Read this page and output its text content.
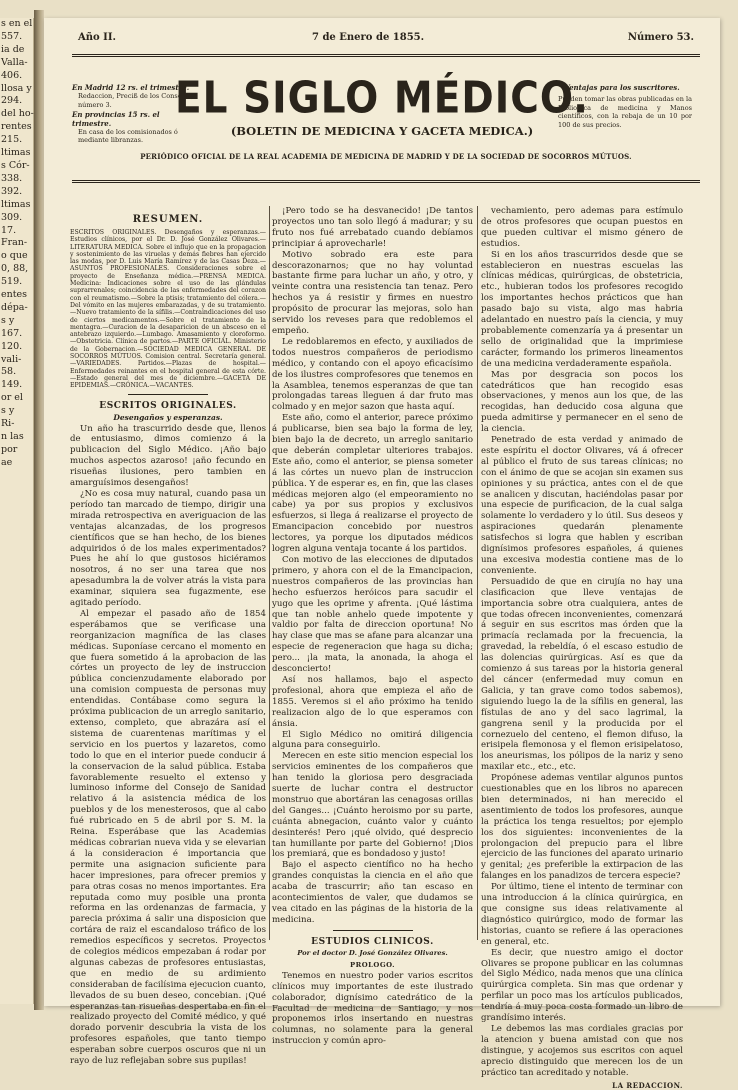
s en el
557.
ia de
Valla-
406.
llosa y
294.
del ho-
rentes
215.
ltimas
s Cór-
338.
392.
ltimas
309.
17.
Fran-
o que
0, 88,
519.
entes
dépa-
s y
167.
120.
vali-
58.
149.
or el
s y
Ri-
n las
por
ae
Año II.	7 de Enero de 1855.	Número 53.
En Madrid 12 rs. el trimestre.
Redaccion, Preciß de los Consejos, número 3.
En provincias 15 rs. el trimestre.
En casa de los comisionados ó mediante libranzas.
Ventajas para los suscritores.
Pueden tomar las obras publicadas en la Biblioteca de medicina y Manos científicos, con la rebaja de un 10 por 100 de sus precios.
EL SIGLO MÉDICO.
(BOLETIN DE MEDICINA Y GACETA MEDICA.)
PERIÓDICO OFICIAL DE LA REAL ACADEMIA DE MEDICINA DE MADRID Y DE LA SOCIEDAD DE SOCORROS MÚTUOS.
RESUMEN.
ESCRITOS ORIGINALES. Desengaños y esperanzas.—Estudios clínicos, por el Dr. D. José González Olivares.—LITERATURA MEDICA. Sobre el influjo que en la propagacion y sostenimiento de las viruelas y demás fiebres han ejercido las modas, por D. Luis María Ramírez y de las Casas Deza.—ASUNTOS PROFESIONALES. Consideraciones sobre el proyecto de Enseñanza médica.—PRENSA MEDICA. Medicina: Indicaciones sobre el uso de las glándulas suprarrenales; coincidencia de las enfermedades del corazon con el reumatismo.—Sobre la ptisis; tratamiento del cólera.—Del vómito en las mujeres embarazadas, y de su tratamiento.—Nuevo tratamiento de la sífilis.—Contraindicaciones del uso de ciertos medicamentos.—Sobre el tratamiento de la mentagra.—Curacion de la desaparicion de un absceso en el antebrazo izquierdo.—Lumbago. Amasamiento y cloroformo.—Obstetricia. Clínica de partos.—PARTE OFICIAL. Ministerio de la Gobernacion.—SOCIEDAD MEDICA GENERAL DE SOCORROS MÚTUOS. Comision central. Secretaría general.—VARIEDADES. Partidos.—Plazas de hospital.—Enfermedades reinantes en el hospital general de esta córte.—Estado general del mes de diciembre.—GACETA DE EPIDEMIAS.—CRÓNICA.—VACANTES.
ESCRITOS ORIGINALES.
Desengaños y esperanzas.

Un año ha trascurrido desde que, llenos de entusiasmo, dimos comienzo á la publicacion del Siglo Médico. ¡Año bajo muchos aspectos azaroso! ¡año fecundo en risueñas ilusiones, pero tambien en amarguísimos desengaños!

¿No es cosa muy natural, cuando pasa un período tan marcado de tiempo, dirigir una mirada retrospectiva en averiguacion de las ventajas alcanzadas, de los progresos científicos que se han hecho, de los bienes adquiridos ó de los males experimentados? Pues he ahí lo que gustosos hiciéramos nosotros, á no ser una tarea que nos apesadumbra la de volver atrás la vista para examinar, siquiera sea fugazmente, ese agitado período.

Al empezar el pasado año de 1854 esperábamos que se verificase una reorganizacion magnífica de las clases médicas. Suponíase cercano el momento en que fuera sometido á la aprobacion de las córtes un proyecto de ley de instruccion pública concienzudamente elaborado por una comision compuesta de personas muy entendidas. Contábase como segura la próxima publicacion de un arreglo sanitario, extenso, completo, que abrazára así el sistema de cuarentenas marítimas y el servicio en los puertos y lazaretos, como todo lo que en el interior puede conducir á la conservacion de la salud pública. Estaba favorablemente resuelto el extenso y luminoso informe del Consejo de Sanidad relativo á la asistencia médica de los pueblos y de los menesterosos, que al cabo fué rubricado en 5 de abril por S. M. la Reina. Esperábase que las Academias médicas cobrarian nueva vida y se elevarian á la consideracion é importancia que permite una asignacion suficiente para hacer impresiones, para ofrecer premios y para otras cosas no menos importantes. Era reputada como muy posible una pronta reforma en las ordenanzas de farmacia, y parecia próxima á salir una disposicion que cortára de raiz el escandaloso tráfico de los remedios específicos y secretos. Proyectos de colegios médicos empezaban á rodar por algunas cabezas de profesores entusiastas, que en medio de su ardimiento consideraban de facilísima ejecucion cuanto, llevados de su buen deseo, concebian. ¡Qué esperanzas tan risueñas despertaba en fin el realizado proyecto del Comité médico, y qué dorado porvenir descubria la vista de los profesores españoles, que tanto tiempo esperaban sobre cuerpos oscuros que ni un rayo de luz reflejaban sobre sus pupilas!

¡Pero todo se ha desvanecido! ¡De tantos proyectos uno tan solo llegó á madurar; y su fruto nos fué arrebatado cuando debíamos principiar á aprovecharle!

Motivo sobrado era este para descorazonarnos; que no hay voluntad bastante firme para luchar un año, y otro, y veinte contra una resistencia tan tenaz. Pero hechos ya á resistir y firmes en nuestro propósito de procurar las mejoras, solo han servido los reveses para que redoblemos el empeño.

Le redoblaremos en efecto, y auxiliados de todos nuestros compañeros de periodismo médico, y contando con el apoyo eficacísimo de los ilustres comprofesores que tenemos en la Asamblea, tenemos esperanzas de que tan prolongadas tareas lleguen á dar fruto mas colmado y en mejor sazon que hasta aquí.

Este año, como el anterior, parece próximo á publicarse, bien sea bajo la forma de ley, bien bajo la de decreto, un arreglo sanitario que deberán completar ulteriores trabajos. Este año, como el anterior, se piensa someter á las córtes un nuevo plan de instruccion pública. Y de esperar es, en fin, que las clases médicas mejoren algo (el empeoramiento no cabe) ya por sus propios y exclusivos esfuerzos, si llega á realizarse el proyecto de Emancipacion concebido por nuestros lectores, ya porque los diputados médicos logren alguna ventaja tocante á los partidos.

Con motivo de las elecciones de diputados primero, y ahora con el de la Emancipacion, nuestros compañeros de las provincias han hecho esfuerzos heróicos para sacudir el yugo que les oprime y afrenta. ¡Qué lástima que tan noble anhelo quede impotente y valdio por falta de direccion oportuna! No hay clase que mas se afane para alcanzar una especie de regeneracion que haga su dicha; pero... ¡la mata, la anonada, la ahoga el desconcierto!

Así nos hallamos, bajo el aspecto profesional, ahora que empieza el año de 1855. Veremos si el año próximo ha tenido realizacion algo de lo que esperamos con ánsia.

El Siglo Médico no omitirá diligencia alguna para conseguirlo.

Merecen en este sitio mencion especial los servicios eminentes de los compañeros que han tenido la gloriosa pero desgraciada suerte de luchar contra el destructor monstruo que abortáran las cenagosas orillas del Ganges... ¡Cuánto heroismo por su parte, cuánta abnegacion, cuánto valor y cuánto desinterés! Pero ¡qué olvido, qué desprecio tan humillante por parte del Gobierno! ¡Dios los premiará, que es bondadoso y justo!

Bajo el aspecto científico no ha hecho grandes conquistas la ciencia en el año que acaba de trascurrir; año tan escaso en acontecimientos de valer, que dudamos se vea citado en las páginas de la historia de la medicina.

ESTUDIOS CLINICOS.
Por el doctor D. José González Olivares.
PROLOGO.

Tenemos en nuestro poder varios escritos clínicos muy importantes de este ilustrado colaborador, dignísimo catedrático de la Facultad de medicina de Santiago, y nos proponemos irlos insertando en nuestras columnas, no solamente para la general instruccion y común apro-

vechamiento, pero ademas para estímulo de otros profesores que ocupan puestos en que pueden cultivar el mismo género de estudios.

Si en los años trascurridos desde que se establecieron en nuestras escuelas las clínicas médicas, quirúrgicas, de obstetricia, etc., hubieran todos los profesores recogido los importantes hechos prácticos que han pasado bajo su vista, algo mas habria adelantado en nuestro país la ciencia, y muy probablemente comenzaría ya á presentar un sello de originalidad que la imprimiese carácter, formando los primeros lineamentos de una medicina verdaderamente española.

Mas por desgracia son pocos los catedráticos que han recogido esas observaciones, y menos aun los que, de las recogidas, han deducido cosa alguna que pueda admitirse y permanecer en el seno de la ciencia.

Penetrado de esta verdad y animado de este espíritu el doctor Olivares, vá á ofrecer al público el fruto de sus tareas clínicas; no con el ánimo de que se acojan sin examen sus opiniones y su práctica, antes con el de que se analicen y discutan, haciéndolas pasar por una especie de purificacion, de la cual salga solamente lo verdadero y lo útil. Sus deseos y aspiraciones quedarán plenamente satisfechos si logra que hablen y escriban dignísimos profesores españoles, á quienes una excesiva modestia contiene mas de lo conveniente.

Persuadido de que en cirujía no hay una clasificacion que lleve ventajas de importancia sobre otra cualquiera, antes de que todas ofrecen inconvenientes, comenzará á seguir en sus escritos mas órden que la primacía reclamada por la frecuencia, la gravedad, la rebeldía, ó el escaso estudio de las dolencias quirúrgicas. Así es que da comienzo á sus tareas por la historia general del cáncer (enfermedad muy comun en Galicia, y tan grave como todos sabemos), siguiendo luego la de la sífilis en general, las fístulas de ano y del saco lagrimal, la gangrena senil y la producida por el cornezuelo del centeno, el flemon difuso, la erisipela flemonosa y el flemon erisipelatoso, los aneurismas, los pólipos de la nariz y seno maxilar etc., etc., etc.

Propónese ademas ventilar algunos puntos cuestionables que en los libros no aparecen bien determinados, ni han merecido el asentimiento de todos los profesores, aunque la práctica los tenga resueltos; por ejemplo los dos siguientes: inconvenientes de la prolongacion del prepucio para el libre ejercicio de las funciones del aparato urinario y genital; ¿es preferible la extirpacion de las falanges en los panadizos de tercera especie?

Por último, tiene el intento de terminar con una introduccion á la clínica quirúrgica, en que consigne sus ideas relativamente al diagnóstico quirúrgico, modo de formar las historias, cuanto se refiere á las operaciones en general, etc.

Es decir, que nuestro amigo el doctor Olivares se propone publicar en las columnas del Siglo Médico, nada menos que una clínica quirúrgica completa. Sin mas que ordenar y perfilar un poco mas los artículos publicados, tendría á muy poca costa formado un libro de grandísimo interés.

Le debemos las mas cordiales gracias por la atencion y buena amistad con que nos distingue, y acojemos sus escritos con aquel aprecio distinguido que merecen los de un práctico tan acreditado y notable.

LA REDACCION.
